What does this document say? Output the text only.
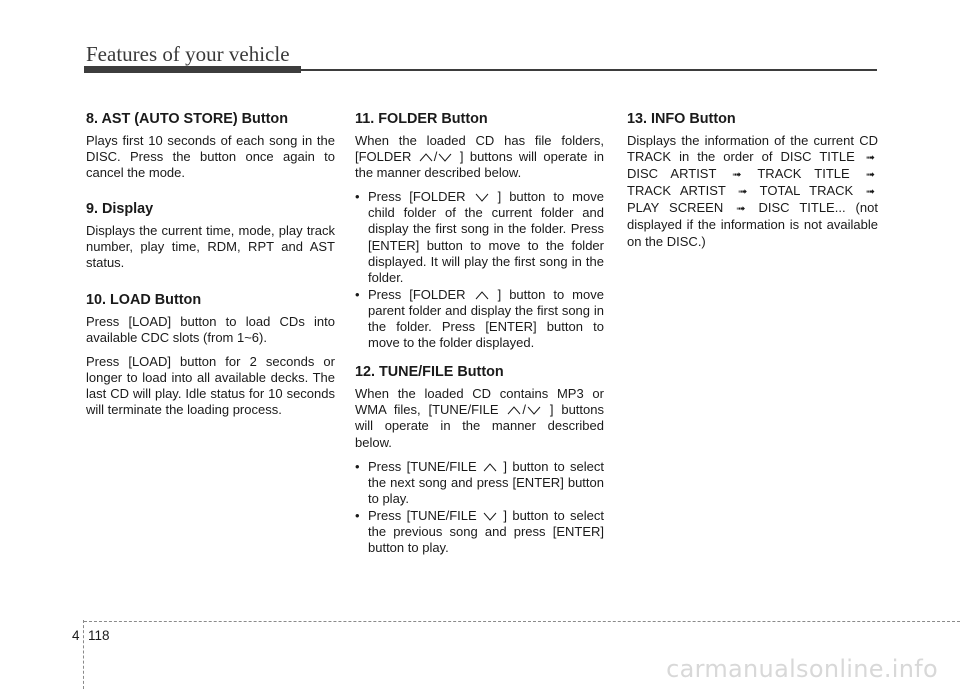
Features of your vehicle
8. AST (AUTO STORE) Button

Plays first 10 seconds of each song in the DISC. Press the button once again to cancel the mode.

9. Display

Displays the current time, mode, play track number, play time, RDM, RPT and AST status.

10. LOAD Button

Press [LOAD] button to load CDs into available CDC slots (from 1~6).

Press [LOAD] button for 2 seconds or longer to load into all available decks. The last CD will play. Idle status for 10 seconds will terminate the loading process.

11. FOLDER Button

When the loaded CD has file folders, [FOLDER / ] buttons will operate in the manner described below.

• Press [FOLDER ] button to move child folder of the current folder and display the first song in the folder. Press [ENTER] button to move to the folder displayed. It will play the first song in the folder.
• Press [FOLDER ] button to move parent folder and display the first song in the folder. Press [ENTER] button to move to the folder displayed.
12. TUNE/FILE Button

When the loaded CD contains MP3 or WMA files, [TUNE/FILE / ] buttons will operate in the manner described below.

• Press [TUNE/FILE ] button to select the next song and press [ENTER] button to play.
• Press [TUNE/FILE ] button to select the previous song and press [ENTER] button to play.
13. INFO Button

Displays the information of the current CD TRACK in the order of DISC TITLE ➟ DISC ARTIST ➟ TRACK TITLE ➟ TRACK ARTIST ➟ TOTAL TRACK ➟ PLAY SCREEN ➟ DISC TITLE... (not displayed if the information is not available on the DISC.)

4 118
carmanualsonline.info
